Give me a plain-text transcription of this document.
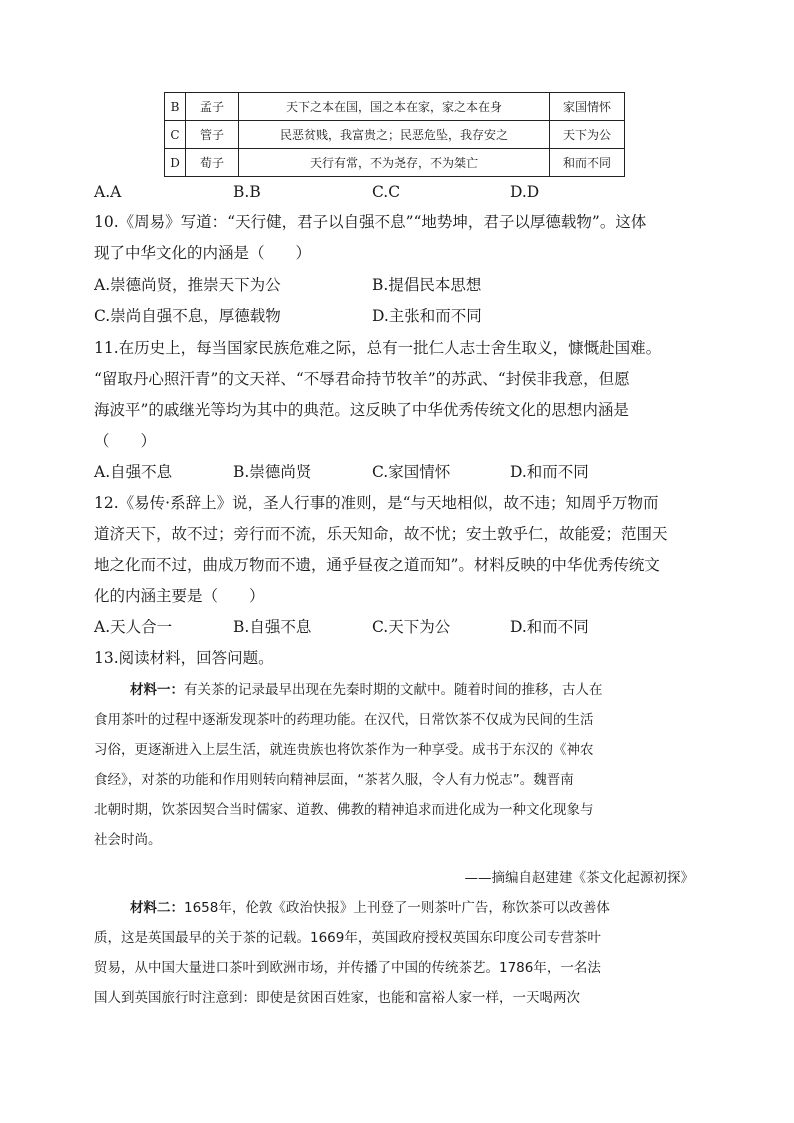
B	孟子	天下之本在国，国之本在家，家之本在身	家国情怀
C	管子	民恶贫贱，我富贵之；民恶危坠，我存安之	天下为公
D	荀子	天行有常，不为尧存，不为桀亡	和而不同
A.A	B.B	C.C	D.D
10.《周易》写道：“天行健，君子以自强不息”“地势坤，君子以厚德载物”。这体
现了中华文化的内涵是（　　）
A.崇德尚贤，推崇天下为公	B.提倡民本思想
C.崇尚自强不息，厚德载物	D.主张和而不同
11.在历史上，每当国家民族危难之际，总有一批仁人志士舍生取义，慷慨赴国难。
“留取丹心照汗青”的文天祥、“不辱君命持节牧羊”的苏武、“封侯非我意，但愿
海波平”的戚继光等均为其中的典范。这反映了中华优秀传统文化的思想内涵是
（　　）
A.自强不息	B.崇德尚贤	C.家国情怀	D.和而不同
12.《易传·系辞上》说，圣人行事的准则，是“与天地相似，故不违；知周乎万物而
道济天下，故不过；旁行而不流，乐天知命，故不忧；安土敦乎仁，故能爱；范围天
地之化而不过，曲成万物而不遗，通乎昼夜之道而知”。材料反映的中华优秀传统文
化的内涵主要是（　　）
A.天人合一	B.自强不息	C.天下为公	D.和而不同
13.阅读材料，回答问题。
材料一：有关茶的记录最早出现在先秦时期的文献中。随着时间的推移，古人在
食用茶叶的过程中逐渐发现茶叶的药理功能。在汉代，日常饮茶不仅成为民间的生活
习俗，更逐渐进入上层生活，就连贵族也将饮茶作为一种享受。成书于东汉的《神农
食经》，对茶的功能和作用则转向精神层面，“茶茗久服，令人有力悦志”。魏晋南
北朝时期，饮茶因契合当时儒家、道教、佛教的精神追求而进化成为一种文化现象与
社会时尚。
——摘编自赵建建《茶文化起源初探》
材料二：1658年，伦敦《政治快报》上刊登了一则茶叶广告，称饮茶可以改善体
质，这是英国最早的关于茶的记载。1669年，英国政府授权英国东印度公司专营茶叶
贸易，从中国大量进口茶叶到欧洲市场，并传播了中国的传统茶艺。1786年，一名法
国人到英国旅行时注意到：即使是贫困百姓家，也能和富裕人家一样，一天喝两次
